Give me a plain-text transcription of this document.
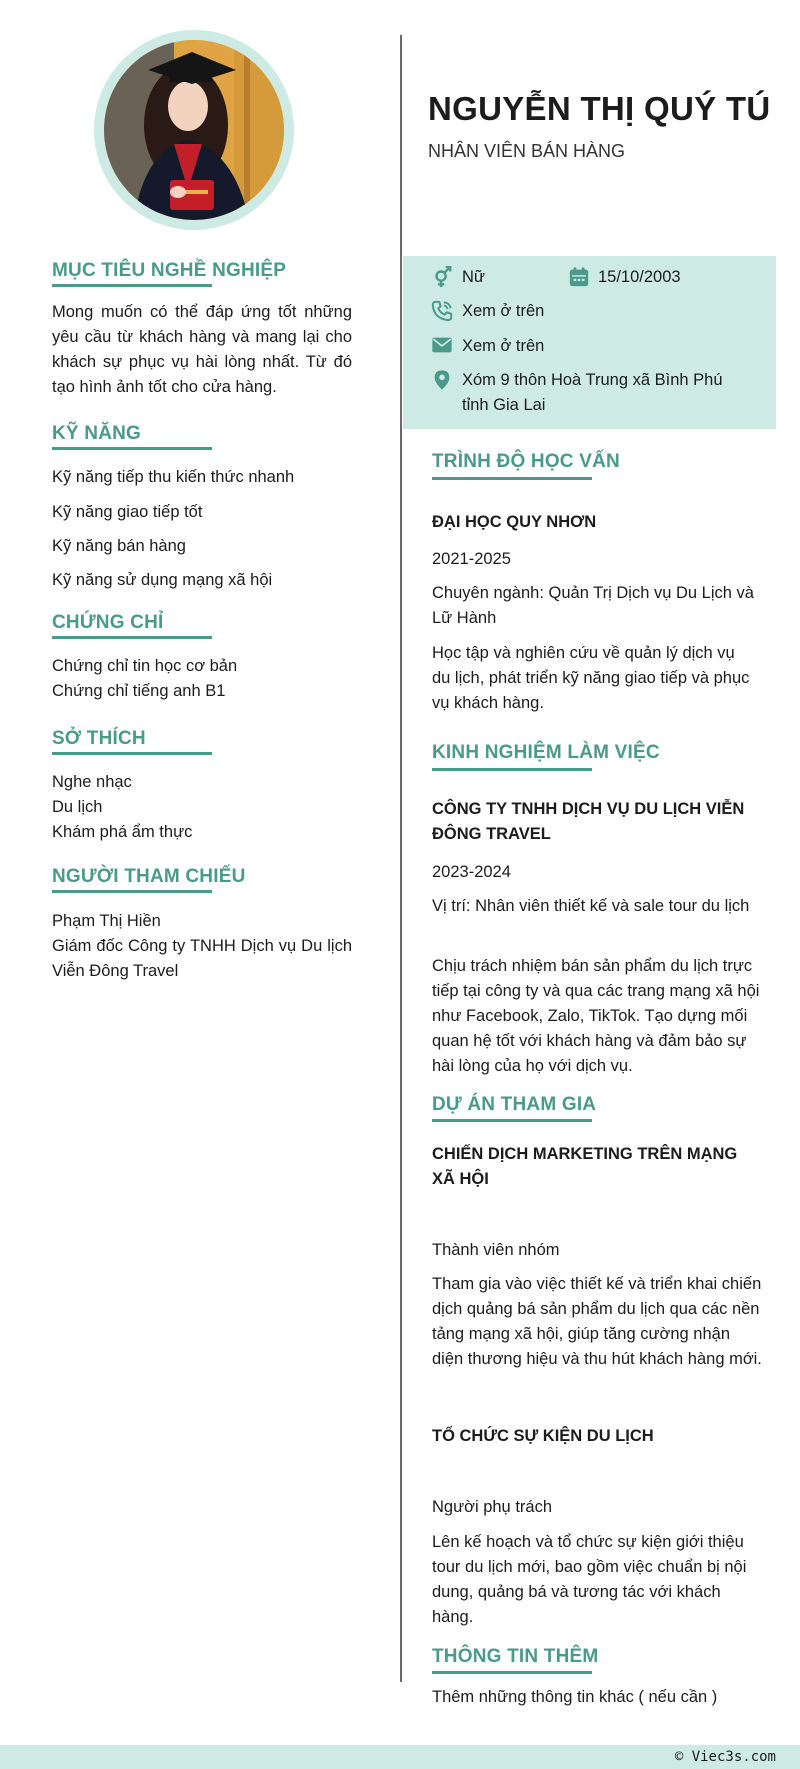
MỤC TIÊU NGHỀ NGHIỆP
Mong muốn có thể đáp ứng tốt những yêu cầu từ khách hàng và mang lại cho khách sự phục vụ hài lòng nhất. Từ đó tạo hình ảnh tốt cho cửa hàng.
KỸ NĂNG
Kỹ năng tiếp thu kiến thức nhanh
Kỹ năng giao tiếp tốt
Kỹ năng bán hàng
Kỹ năng sử dụng mạng xã hội
CHỨNG CHỈ
Chứng chỉ tin học cơ bản
Chứng chỉ tiếng anh B1
SỞ THÍCH
Nghe nhạc
Du lịch
Khám phá ẩm thực
NGƯỜI THAM CHIẾU
Phạm Thị Hiền
Giám đốc Công ty TNHH Dịch vụ Du lịch Viễn Đông Travel
NGUYỄN THỊ QUÝ TÚ
NHÂN VIÊN BÁN HÀNG
Nữ	15/10/2003
Xem ở trên
Xem ở trên
Xóm 9 thôn Hoà Trung xã Bình Phú
tỉnh Gia Lai
TRÌNH ĐỘ HỌC VẤN
ĐẠI HỌC QUY NHƠN
2021-2025
Chuyên ngành: Quản Trị Dịch vụ Du Lịch và Lữ Hành
Học tập và nghiên cứu về quản lý dịch vụ du lịch, phát triển kỹ năng giao tiếp và phục vụ khách hàng.
KINH NGHIỆM LÀM VIỆC
CÔNG TY TNHH DỊCH VỤ DU LỊCH VIỄN ĐÔNG TRAVEL
2023-2024
Vị trí: Nhân viên thiết kế và sale tour du lịch
Chịu trách nhiệm bán sản phẩm du lịch trực tiếp tại công ty và qua các trang mạng xã hội như Facebook, Zalo, TikTok. Tạo dựng mối quan hệ tốt với khách hàng và đảm bảo sự hài lòng của họ với dịch vụ.
DỰ ÁN THAM GIA
CHIẾN DỊCH MARKETING TRÊN MẠNG XÃ HỘI
Thành viên nhóm
Tham gia vào việc thiết kế và triển khai chiến dịch quảng bá sản phẩm du lịch qua các nền tảng mạng xã hội, giúp tăng cường nhận diện thương hiệu và thu hút khách hàng mới.
TỔ CHỨC SỰ KIỆN DU LỊCH
Người phụ trách
Lên kế hoạch và tổ chức sự kiện giới thiệu tour du lịch mới, bao gồm việc chuẩn bị nội dung, quảng bá và tương tác với khách hàng.
THÔNG TIN THÊM
Thêm những thông tin khác ( nếu cần )
© Viec3s.com
